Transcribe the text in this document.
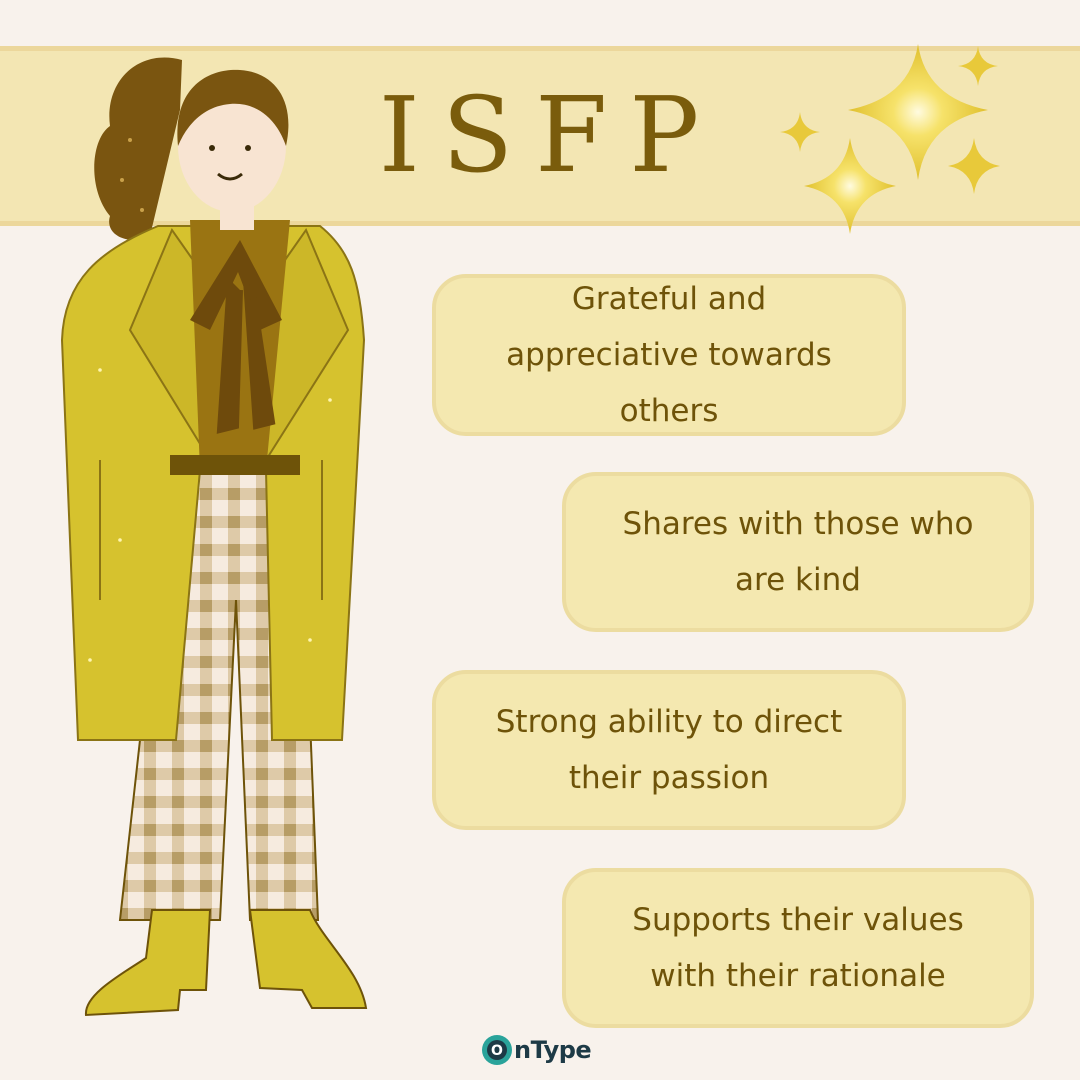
ISFP
Grateful and
appreciative towards
others
Shares with those who
are kind
Strong ability to direct
their passion
Supports their values
with their rationale
O nType
